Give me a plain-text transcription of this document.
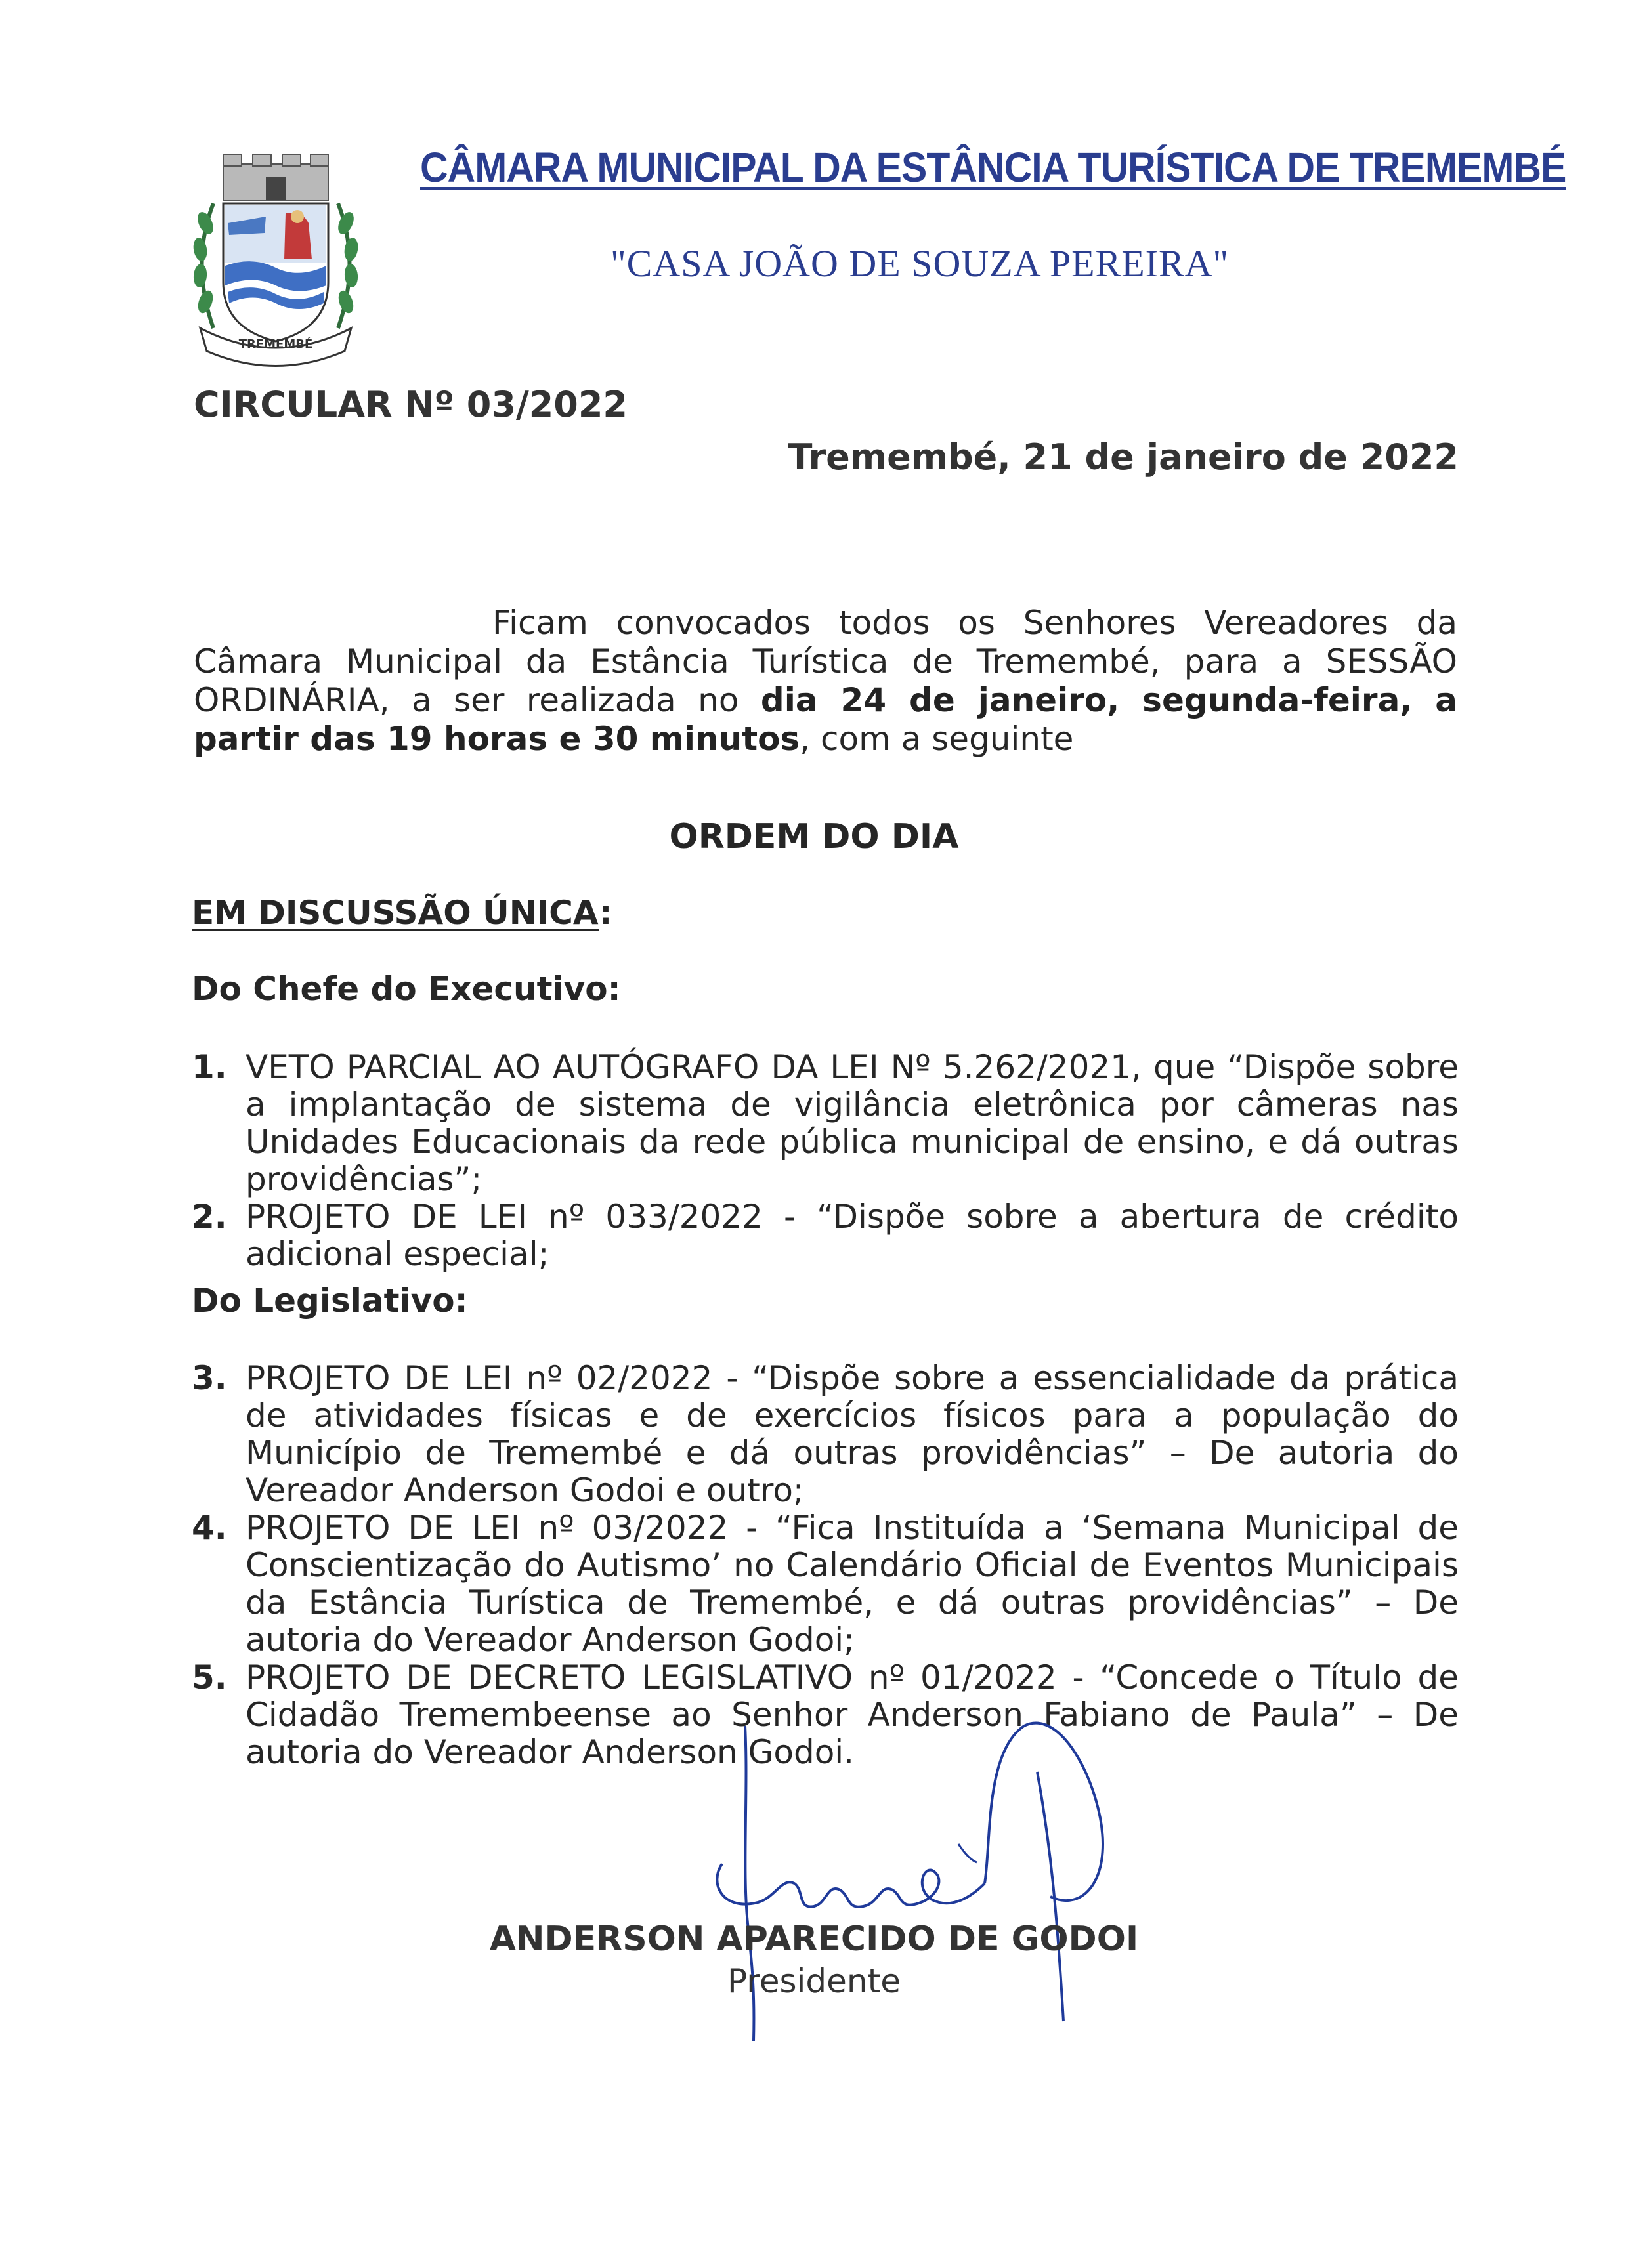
TREMEMBÉ
CÂMARA MUNICIPAL DA ESTÂNCIA TURÍSTICA DE TREMEMBÉ
"CASA JOÃO DE SOUZA PEREIRA"
CIRCULAR Nº 03/2022
Tremembé, 21 de janeiro de 2022
Ficam convocados todos os Senhores Vereadores da Câmara Municipal da Estância Turística de Tremembé, para a SESSÃO ORDINÁRIA, a ser realizada no dia 24 de janeiro, segunda-feira, a partir das 19 horas e 30 minutos, com a seguinte
ORDEM DO DIA
EM DISCUSSÃO ÚNICA:
Do Chefe do Executivo:
1. VETO PARCIAL AO AUTÓGRAFO DA LEI Nº 5.262/2021, que “Dispõe sobre a implantação de sistema de vigilância eletrônica por câmeras nas Unidades Educacionais da rede pública municipal de ensino, e dá outras providências”;
2. PROJETO DE LEI nº 033/2022 - “Dispõe sobre a abertura de crédito adicional especial;
Do Legislativo:
3. PROJETO DE LEI nº 02/2022 - “Dispõe sobre a essencialidade da prática de atividades físicas e de exercícios físicos para a população do Município de Tremembé e dá outras providências” – De autoria do Vereador Anderson Godoi e outro;
4. PROJETO DE LEI nº 03/2022 - “Fica Instituída a ‘Semana Municipal de Conscientização do Autismo’ no Calendário Oficial de Eventos Municipais da Estância Turística de Tremembé, e dá outras providências” – De autoria do Vereador Anderson Godoi;
5. PROJETO DE DECRETO LEGISLATIVO nº 01/2022 - “Concede o Título de Cidadão Tremembeense ao Senhor Anderson Fabiano de Paula” – De autoria do Vereador Anderson Godoi.
ANDERSON APARECIDO DE GODOI
Presidente
